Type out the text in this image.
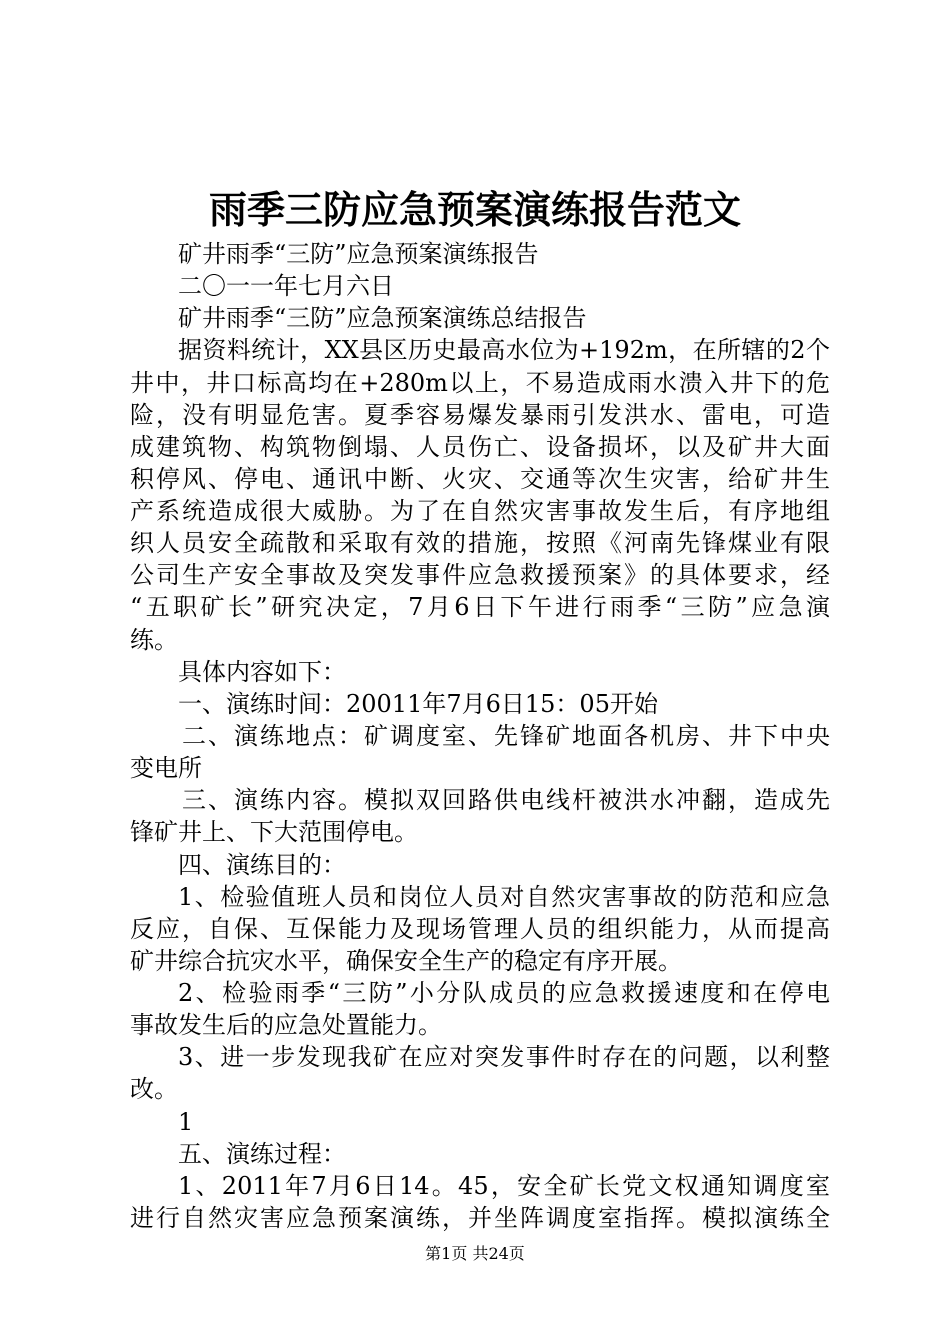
雨季三防应急预案演练报告范文
矿井雨季“三防”应急预案演练报告
二〇一一年七月六日
矿井雨季“三防”应急预案演练总结报告
据资料统计，XX县区历史最高水位为+192m，在所辖的2个
井中，井口标高均在+280m以上，不易造成雨水溃入井下的危
险，没有明显危害。夏季容易爆发暴雨引发洪水、雷电，可造
成建筑物、构筑物倒塌、人员伤亡、设备损坏，以及矿井大面
积停风、停电、通讯中断、火灾、交通等次生灾害，给矿井生
产系统造成很大威胁。为了在自然灾害事故发生后，有序地组
织人员安全疏散和采取有效的措施，按照《河南先锋煤业有限
公司生产安全事故及突发事件应急救援预案》的具体要求，经
“五职矿长”研究决定，7月6日下午进行雨季“三防”应急演
练。
具体内容如下：
一、演练时间：20011年7月6日15：05开始
二、演练地点：矿调度室、先锋矿地面各机房、井下中央
变电所
三、演练内容。模拟双回路供电线杆被洪水冲翻，造成先
锋矿井上、下大范围停电。
四、演练目的：
1、检验值班人员和岗位人员对自然灾害事故的防范和应急
反应，自保、互保能力及现场管理人员的组织能力，从而提高
矿井综合抗灾水平，确保安全生产的稳定有序开展。
2、检验雨季“三防”小分队成员的应急救援速度和在停电
事故发生后的应急处置能力。
3、进一步发现我矿在应对突发事件时存在的问题，以利整
改。
1
五、演练过程：
1、2011年7月6日14。45，安全矿长党文权通知调度室
进行自然灾害应急预案演练，并坐阵调度室指挥。模拟演练全
第1页 共24页
